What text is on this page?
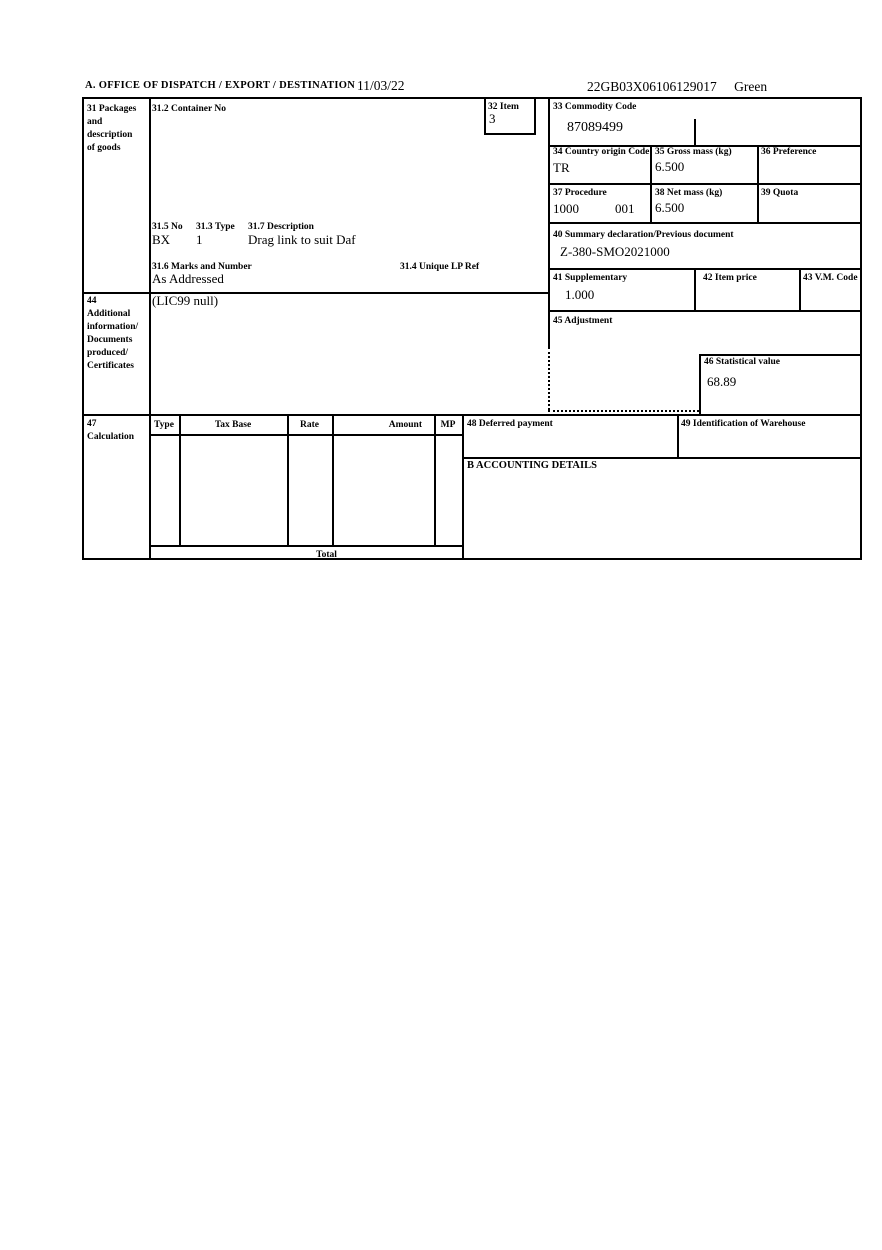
A. OFFICE OF DISPATCH / EXPORT / DESTINATION 11/03/22	22GB03X06106129017 Green
31 Packages
and
description
of goods
31.2 Container No	32 Item
3
33 Commodity Code
87089499
34 Country origin Code
TR
35 Gross mass (kg)
6.500
36 Preference
37 Procedure
1000	001
38 Net mass (kg)
6.500
39 Quota
31.5 No 31.3 Type 31.7 Description
BX 1	Drag link to suit Daf	40 Summary declaration/Previous document
Z-380-SMO2021000
31.6 Marks and Number	31.4 Unique LP Ref
As Addressed	41 Supplementary
1.000
42 Item price	43 V.M. Code
44
Additional
information/
Documents
produced/
Certificates
(LIC99 null)
45 Adjustment
46 Statistical value
68.89
47
Calculation
Type	Tax Base	Rate	Amount	MP
Total
48 Deferred payment	49 Identification of Warehouse
B ACCOUNTING DETAILS
